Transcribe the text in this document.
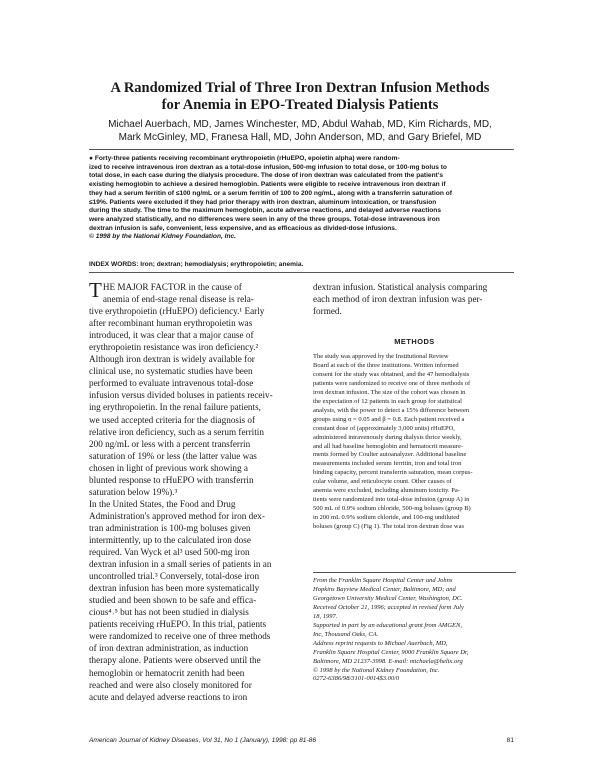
A Randomized Trial of Three Iron Dextran Infusion Methods
for Anemia in EPO-Treated Dialysis Patients

Michael Auerbach, MD, James Winchester, MD, Abdul Wahab, MD, Kim Richards, MD,
Mark McGinley, MD, Franesa Hall, MD, John Anderson, MD, and Gary Briefel, MD

● Forty-three patients receiving recombinant erythropoietin (rHuEPO, epoietin alpha) were random-
ized to receive intravenous iron dextran as a total-dose infusion, 500-mg infusion to total dose, or 100-mg bolus to
total dose, in each case during the dialysis procedure. The dose of iron dextran was calculated from the patient's
existing hemoglobin to achieve a desired hemoglobin. Patients were eligible to receive intravenous iron dextran if
they had a serum ferritin of ≤100 ng/mL or a serum ferritin of 100 to 200 ng/mL, along with a transferrin saturation of
≤19%. Patients were excluded if they had prior therapy with iron dextran, aluminum intoxication, or transfusion
during the study. The time to the maximum hemoglobin, acute adverse reactions, and delayed adverse reactions
were analyzed statistically, and no differences were seen in any of the three groups. Total-dose intravenous iron
dextran infusion is safe, convenient, less expensive, and as efficacious as divided-dose infusions.
© 1998 by the National Kidney Foundation, Inc.

INDEX WORDS: Iron; dextran; hemodialysis; erythropoietin; anemia.

T HE MAJOR FACTOR in the cause of
anemia of end-stage renal disease is rela-
tive erythropoietin (rHuEPO) deficiency.¹ Early
after recombinant human erythropoietin was
introduced, it was clear that a major cause of
erythropoietin resistance was iron deficiency.²
Although iron dextran is widely available for
clinical use, no systematic studies have been
performed to evaluate intravenous total-dose
infusion versus divided boluses in patients receiv-
ing erythropoietin. In the renal failure patients,
we used accepted criteria for the diagnosis of
relative iron deficiency, such as a serum ferritin
200 ng/mL or less with a percent transferrin
saturation of 19% or less (the latter value was
chosen in light of previous work showing a
blunted response to rHuEPO with transferrin
saturation below 19%).³
In the United States, the Food and Drug
Administration's approved method for iron dex-
tran administration is 100-mg boluses given
intermittently, up to the calculated iron dose
required. Van Wyck et al³ used 500-mg iron
dextran infusion in a small series of patients in an
uncontrolled trial.³ Conversely, total-dose iron
dextran infusion has been more systematically
studied and been shown to be safe and effica-
cious⁴˒⁵ but has not been studied in dialysis
patients receiving rHuEPO. In this trial, patients
were randomized to receive one of three methods
of iron dextran administration, as induction
therapy alone. Patients were observed until the
hemoglobin or hematocrit zenith had been
reached and were also closely monitored for
acute and delayed adverse reactions to iron
dextran infusion. Statistical analysis comparing
each method of iron dextran infusion was per-
formed.
METHODS
The study was approved by the Institutional Review
Board at each of the three institutions. Written informed
consent for the study was obtained, and the 47 hemodialysis
patients were randomized to receive one of three methods of
iron dextran infusion. The size of the cohort was chosen in
the expectation of 12 patients in each group for statistical
analysis, with the power to detect a 15% difference between
groups using α = 0.05 and β = 0.8. Each patient received a
constant dose of (approximately 3,000 units) rHuEPO,
administered intravenously during dialysis thrice weekly,
and all had baseline hemoglobin and hematocrit measure-
ments formed by Coulter autoanalyzer. Additional baseline
measurements included serum ferritin, iron and total iron
binding capacity, percent transferrin saturation, mean corpus-
cular volume, and reticulocyte count. Other causes of
anemia were excluded, including aluminum toxicity. Pa-
tients were randomized into total-dose infusion (group A) in
500 mL of 0.9% sodium chloride, 500-mg boluses (group B)
in 200 mL 0.9% sodium chloride, and 100-mg undiluted
boluses (group C) (Fig 1). The total iron dextran dose was
From the Franklin Square Hospital Center and Johns
Hopkins Bayview Medical Center, Baltimore, MD; and
Georgetown University Medical Center, Washington, DC.
Received October 21, 1996; accepted in revised form July
18, 1997.
Supported in part by an educational grant from AMGEN,
Inc, Thousand Oaks, CA.
Address reprint requests to Michael Auerbach, MD,
Franklin Square Hospital Center, 9000 Franklin Square Dr,
Baltimore, MD 21237-3998. E-mail: michaela@helix.org
© 1998 by the National Kidney Foundation, Inc.
0272-6386/98/3101-0014$3.00/0
American Journal of Kidney Diseases, Vol 31, No 1 (January), 1998: pp 81-86	81
